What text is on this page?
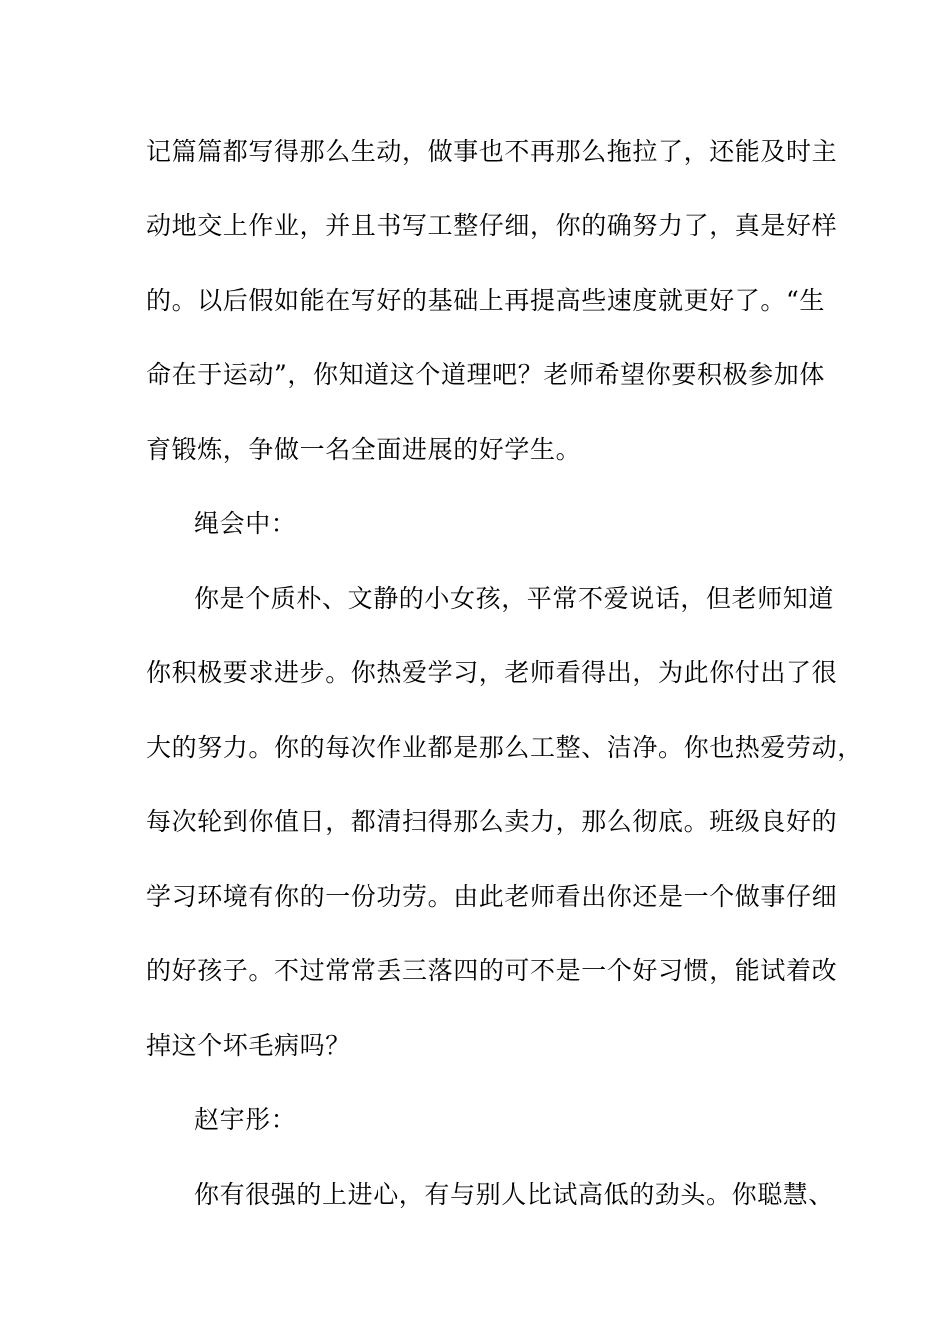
记篇篇都写得那么生动，做事也不再那么拖拉了，还能及时主
动地交上作业，并且书写工整仔细，你的确努力了，真是好样
的。以后假如能在写好的基础上再提高些速度就更好了。“生
命在于运动”，你知道这个道理吧？老师希望你要积极参加体
育锻炼，争做一名全面进展的好学生。
绳会中：
你是个质朴、文静的小女孩，平常不爱说话，但老师知道
你积极要求进步。你热爱学习，老师看得出，为此你付出了很
大的努力。你的每次作业都是那么工整、洁净。你也热爱劳动，
每次轮到你值日，都清扫得那么卖力，那么彻底。班级良好的
学习环境有你的一份功劳。由此老师看出你还是一个做事仔细
的好孩子。不过常常丢三落四的可不是一个好习惯，能试着改
掉这个坏毛病吗？
赵宇彤：
你有很强的上进心，有与别人比试高低的劲头。你聪慧、
